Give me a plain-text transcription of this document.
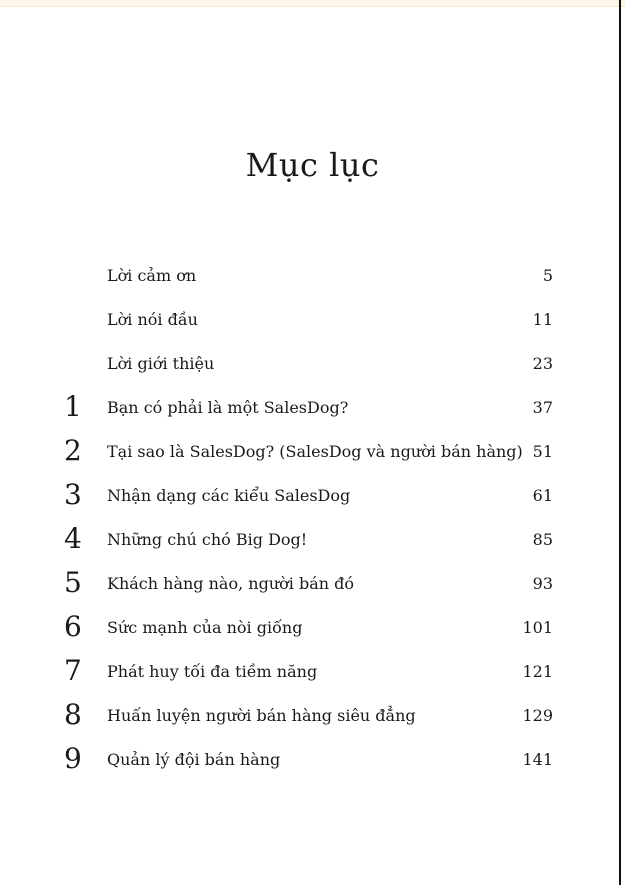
Mục lục
Lời cảm ơn	5
Lời nói đầu	11
Lời giới thiệu	23
1	Bạn có phải là một SalesDog?	37
2	Tại sao là SalesDog? (SalesDog và người bán hàng) 51
3	Nhận dạng các kiểu SalesDog	61
4	Những chú chó Big Dog!	85
5	Khách hàng nào, người bán đó	93
6	Sức mạnh của nòi giống	101
7	Phát huy tối đa tiềm năng	121
8	Huấn luyện người bán hàng siêu đẳng	129
9	Quản lý đội bán hàng	141
